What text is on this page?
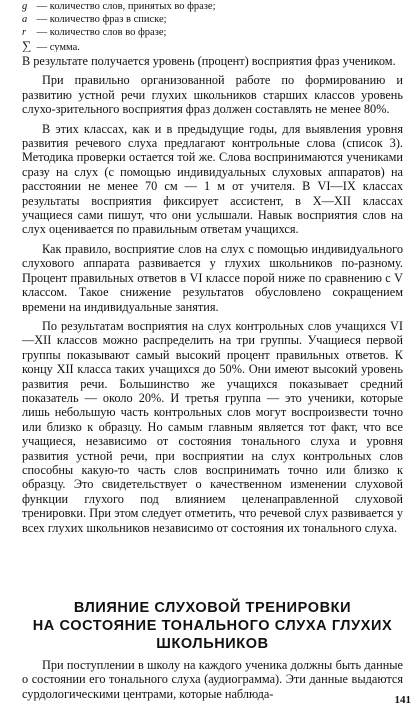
g — количество слов, принятых во фразе;
a — количество фраз в списке;
r — количество слов во фразе;
∑ — сумма.

В результате получается уровень (процент) восприятия фраз учеником.

При правильно организованной работе по формированию и развитию устной речи глухих школьников старших классов уровень слухо-зрительного восприятия фраз должен составлять не менее 80%.

В этих классах, как и в предыдущие годы, для выявления уровня развития речевого слуха предлагают контрольные слова (список 3). Методика проверки остается той же. Слова воспринимаются учениками сразу на слух (с помощью индивидуальных слуховых аппаратов) на расстоянии не менее 70 см — 1 м от учителя. В VI—IX классах результаты восприятия фиксирует ассистент, в X—XII классах учащиеся сами пишут, что они услышали. Навык восприятия слов на слух оценивается по правильным ответам учащихся.

Как правило, восприятие слов на слух с помощью индивидуального слухового аппарата развивается у глухих школьников по-разному. Процент правильных ответов в VI классе порой ниже по сравнению с V классом. Такое снижение результатов обусловлено сокращением времени на индивидуальные занятия.

По результатам восприятия на слух контрольных слов учащихся VI—XII классов можно распределить на три группы. Учащиеся первой группы показывают самый высокий процент правильных ответов. К концу XII класса таких учащихся до 50%. Они имеют высокий уровень развития речи. Большинство же учащихся показывает средний показатель — около 20%. И третья группа — это ученики, которые лишь небольшую часть контрольных слов могут воспроизвести точно или близко к образцу. Но самым главным является тот факт, что все учащиеся, независимо от состояния тонального слуха и уровня развития устной речи, при восприятии на слух контрольных слов способны какую-то часть слов воспринимать точно или близко к образцу. Это свидетельствует о качественном изменении слуховой функции глухого под влиянием целенаправленной слуховой тренировки. При этом следует отметить, что речевой слух развивается у всех глухих школьников независимо от состояния их тонального слуха.

ВЛИЯНИЕ СЛУХОВОЙ ТРЕНИРОВКИ
НА СОСТОЯНИЕ ТОНАЛЬНОГО СЛУХА ГЛУХИХ
ШКОЛЬНИКОВ

При поступлении в школу на каждого ученика должны быть данные о состоянии его тонального слуха (аудиограмма). Эти данные выдаются сурдологическими центрами, которые наблюда-	141
